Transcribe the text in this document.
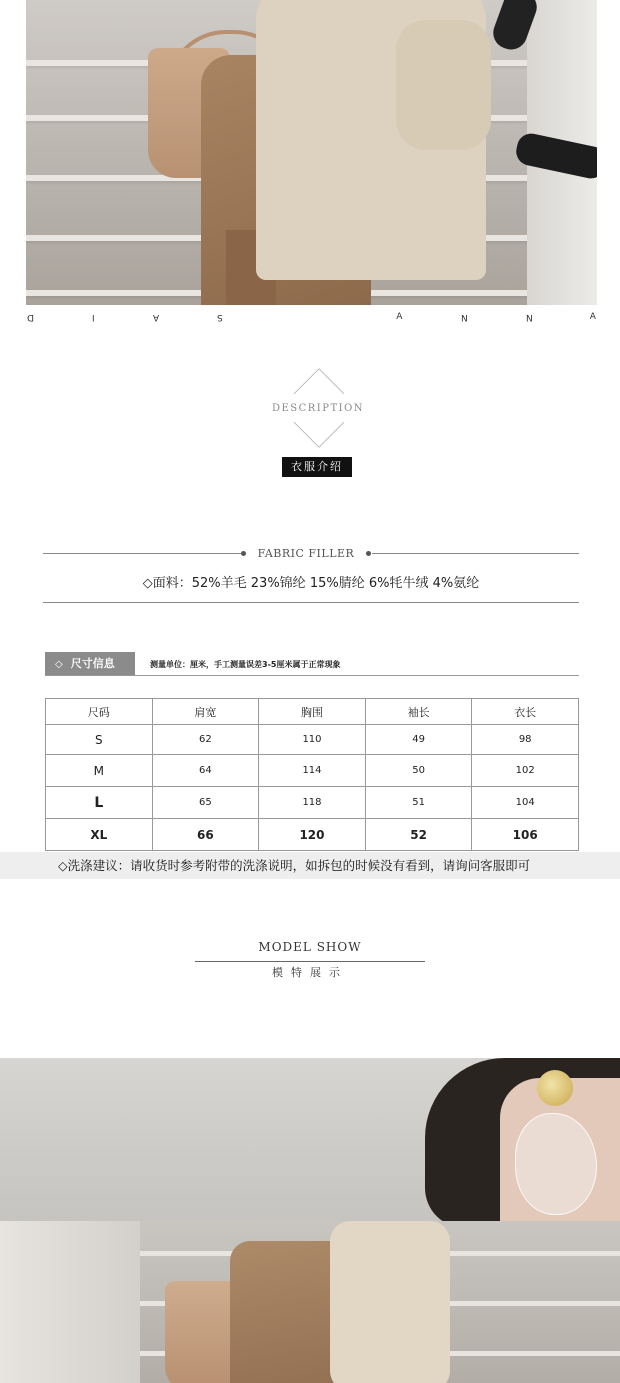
D	I	A	S	A	N	N	A
DESCRIPTION
衣服介绍
FABRIC FILLER
◇面料：52%羊毛 23%锦纶 15%腈纶 6%牦牛绒 4%氨纶
◇ 尺寸信息	测量单位：厘米，手工测量误差3-5厘米属于正常现象
尺码	肩宽	胸围	袖长	衣长
S	62	110	49	98
M	64	114	50	102
L	65	118	51	104
XL	66	120	52	106
◇洗涤建议：请收货时参考附带的洗涤说明，如拆包的时候没有看到，请询问客服即可
MODEL SHOW
模特展示
